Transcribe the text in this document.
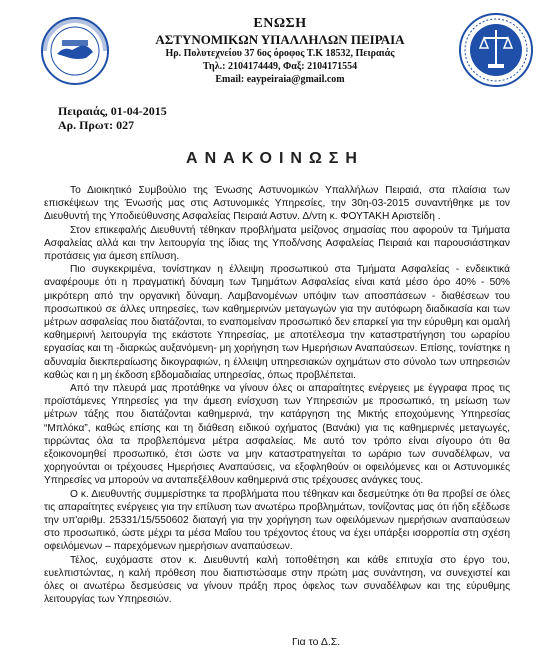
ΕΝΩΣΗ
ΑΣΤΥΝΟΜΙΚΩΝ ΥΠΑΛΛΗΛΩΝ ΠΕΙΡΑΙΑ
Ηρ. Πολυτεχνείου 37 6ος όροφος Τ.Κ 18532, Πειραιάς
Τηλ.: 2104174449, Φαξ: 2104171554
Email: eaypeiraia@gmail.com
Πειραιάς, 01-04-2015
Αρ. Πρωτ: 027
ΑΝΑΚΟΙΝΩΣΗ

Το Διοικητικό Συμβούλιο της Ένωσης Αστυνομικών Υπαλλήλων Πειραιά, στα πλαίσια των επισκέψεων της Ένωσής μας στις Αστυνομικές Υπηρεσίες, την 30η-03-2015 συναντήθηκε με τον Διευθυντή της Υποδιεύθυνσης Ασφαλείας Πειραιά Αστυν. Δ/ντη κ. ΦΟΥΤΑΚΗ Αριστείδη .

Στον επικεφαλής Διευθυντή τέθηκαν προβλήματα μείζονος σημασίας που αφορούν τα Τμήματα Ασφαλείας αλλά και την λειτουργία της ίδιας της Υποδ/νσης Ασφαλείας Πειραιά και παρουσιάστηκαν προτάσεις για άμεση επίλυση.

Πιο συγκεκριμένα, τονίστηκαν η έλλειψη προσωπικού στα Τμήματα Ασφαλείας - ενδεικτικά αναφέρουμε ότι η πραγματική δύναμη των Τμημάτων Ασφαλείας είναι κατά μέσο όρο 40% - 50% μικρότερη από την οργανική δύναμη. Λαμβανομένων υπόψιν των αποσπάσεων - διαθέσεων του προσωπικού σε άλλες υπηρεσίες, των καθημερινών μεταγωγών για την αυτόφωρη διαδικασία και των μέτρων ασφαλείας που διατάζονται, το εναπομείναν προσωπικό δεν επαρκεί για την εύρυθμη και ομαλή καθημερινή λειτουργία της εκάστοτε Υπηρεσίας, με αποτέλεσμα την καταστρατήγηση του ωραρίου εργασίας και τη -διαρκώς αυξανόμενη- μη χορήγηση των Ημερήσιων Αναπαύσεων. Επίσης, τονίστηκε η αδυναμία διεκπεραίωσης δικογραφιών, η έλλειψη υπηρεσιακών οχημάτων στο σύνολο των υπηρεσιών καθώς και η μη έκδοση εβδομαδιαίας υπηρεσίας, όπως προβλέπεται.

Από την πλευρά μας προτάθηκε να γίνουν όλες οι απαραίτητες ενέργειες με έγγραφα προς τις προϊστάμενες Υπηρεσίες για την άμεση ενίσχυση των Υπηρεσιών με προσωπικό, τη μείωση των μέτρων τάξης που διατάζονται καθημερινά, την κατάργηση της Μικτής εποχούμενης Υπηρεσίας “Μπλόκα”, καθώς επίσης και τη διάθεση ειδικού οχήματος (Βανάκι) για τις καθημερινές μεταγωγές, τιρρώντας όλα τα προβλεπόμενα μέτρα ασφαλείας. Με αυτό τον τρόπο είναι σίγουρο ότι θα εξοικονομηθεί προσωπικό, έτσι ώστε να μην καταστρατηγείται το ωράριο των συναδέλφων, να χορηγούνται οι τρέχουσες Ημερήσιες Αναπαύσεις, να εξοφληθούν οι οφειλόμενες και οι Αστυνομικές Υπηρεσίες να μπορούν να ανταπεξέλθουν καθημερινά στις τρέχουσες ανάγκες τους.

Ο κ. Διευθυντής συμμερίστηκε τα προβλήματα που τέθηκαν και δεσμεύτηκε ότι θα προβεί σε όλες τις απαραίτητες ενέργειες για την επίλυση των ανωτέρω προβλημάτων, τονίζοντας μας ότι ήδη εξέδωσε την υπ'αριθμ. 25331/15/550602 διαταγή για την χορήγηση των οφειλόμενων ημερήσιων αναπαύσεων στο προσωπικό, ώστε μέχρι τα μέσα Μαΐου του τρέχοντος έτους να έχει υπάρξει ισορροπία στη σχέση οφειλόμενων – παρεχόμενων ημερήσιων αναπαύσεων.

Τέλος, ευχόμαστε στον κ. Διευθυντή καλή τοποθέτηση και κάθε επιτυχία στο έργο του, ευελπιστώντας, η καλή πρόθεση που διαπιστώσαμε στην πρώτη μας συνάντηση, να συνεχιστεί και όλες οι ανωτέρω δεσμεύσεις να γίνουν πράξη προς όφελος των συναδέλφων και της εύρυθμης λειτουργίας των Υπηρεσιών.

Για το Δ.Σ.
